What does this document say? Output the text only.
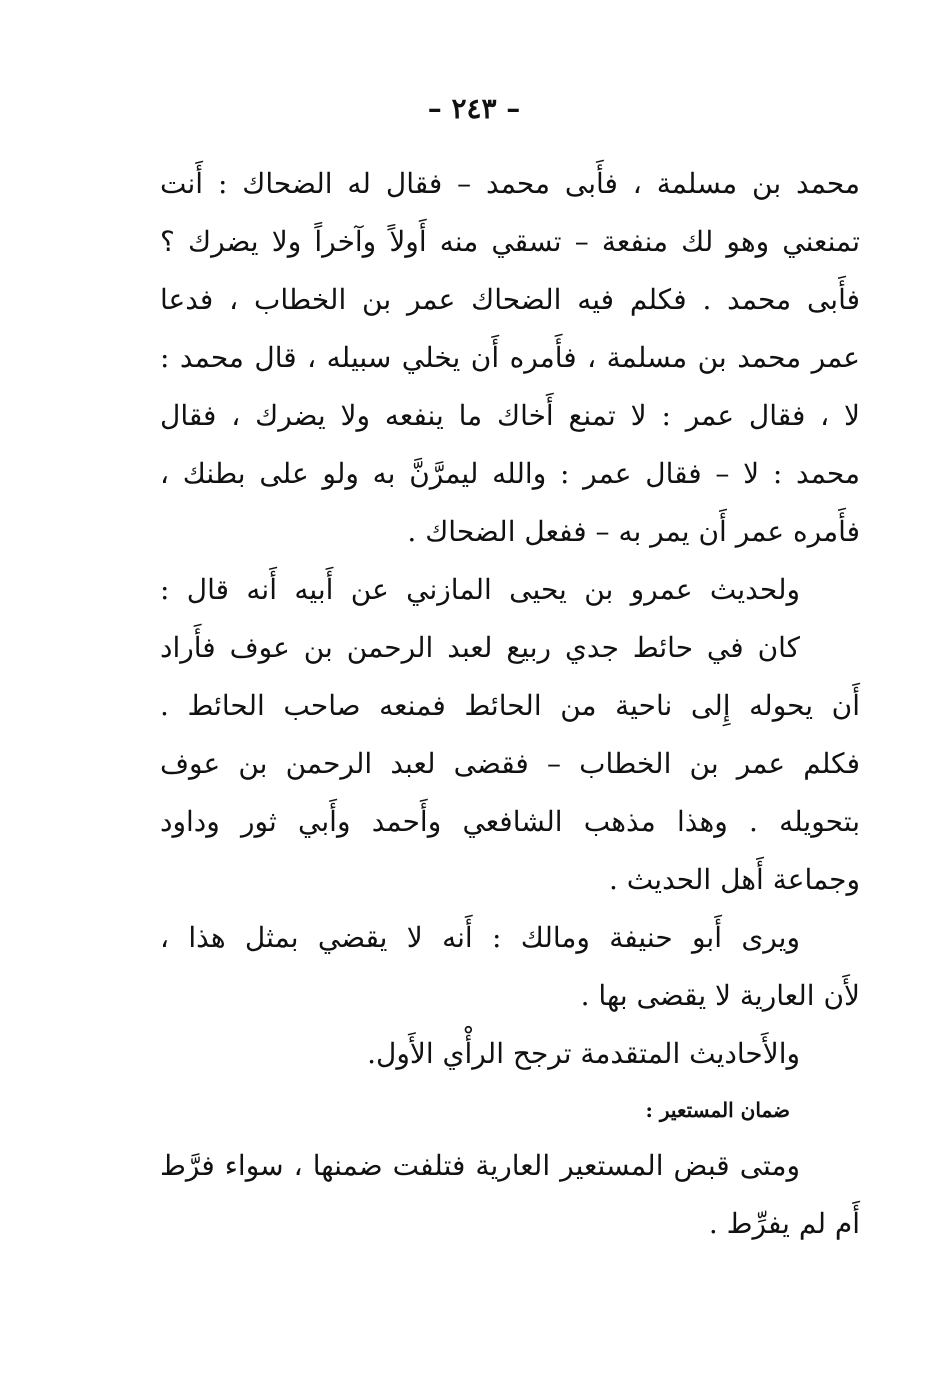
– ٢٤٣ –
محمد بن مسلمة ، فأَبى محمد – فقال له الضحاك : أَنت
تمنعني وهو لك منفعة – تسقي منه أَولاً وآخراً ولا يضرك ؟
فأَبى محمد . فكلم فيه الضحاك عمر بن الخطاب ، فدعا
عمر محمد بن مسلمة ، فأَمره أَن يخلي سبيله ، قال محمد :
لا ، فقال عمر : لا تمنع أَخاك ما ينفعه ولا يضرك ، فقال
محمد : لا – فقال عمر : والله ليمرَّنَّ به ولو على بطنك ،
فأَمره عمر أَن يمر به – ففعل الضحاك .
ولحديث عمرو بن يحيى المازني عن أَبيه أَنه قال :
كان في حائط جدي ربيع لعبد الرحمن بن عوف فأَراد
أَن يحوله إِلى ناحية من الحائط فمنعه صاحب الحائط .
فكلم عمر بن الخطاب – فقضى لعبد الرحمن بن عوف
بتحويله . وهذا مذهب الشافعي وأَحمد وأَبي ثور وداود
وجماعة أَهل الحديث .
ويرى أَبو حنيفة ومالك : أَنه لا يقضي بمثل هذا ،
لأَن العارية لا يقضى بها .
والأَحاديث المتقدمة ترجح الرأْي الأَول.
ضمان المستعير :
ومتى قبض المستعير العارية فتلفت ضمنها ، سواء فرَّط
أَم لم يفرِّط .
